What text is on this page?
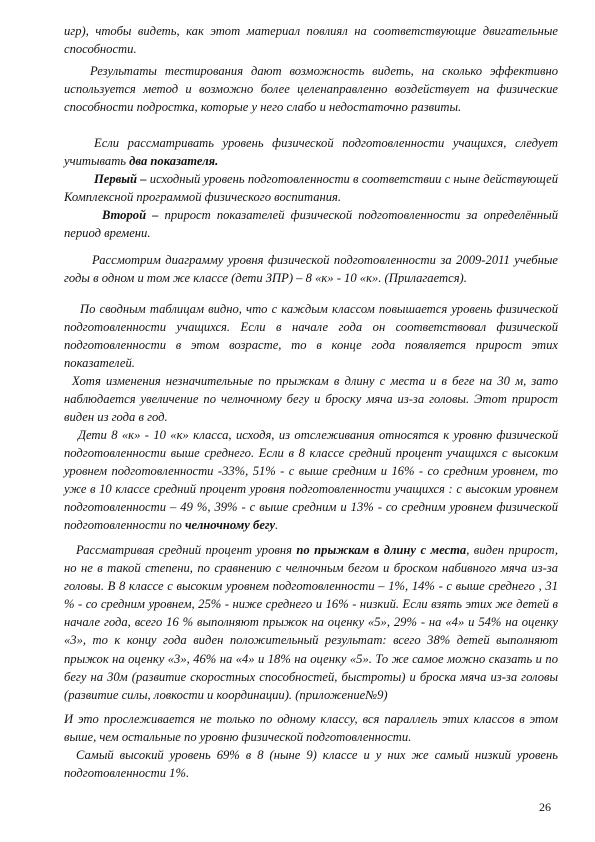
игр), чтобы видеть, как этот материал повлиял на соответствующие двигательные способности.

Результаты тестирования дают возможность видеть, на сколько эффективно используется метод и возможно более целенаправленно воздействует на физические способности подростка, которые у него слабо и недостаточно развиты.

Если рассматривать уровень физической подготовленности учащихся, следует учитывать два показателя.

Первый – исходный уровень подготовленности в соответствии с ныне действующей Комплексной программой физического воспитания.

Второй – прирост показателей физической подготовленности за определённый период времени.

Рассмотрим диаграмму уровня физической подготовленности за 2009-2011 учебные годы в одном и том же классе (дети ЗПР) – 8 «к» - 10 «к». (Прилагается).

По сводным таблицам видно, что с каждым классом повышается уровень физической подготовленности учащихся. Если в начале года он соответствовал физической подготовленности в этом возрасте, то в конце года появляется прирост этих показателей.

Хотя изменения незначительные по прыжкам в длину с места и в беге на 30 м, зато наблюдается увеличение по челночному бегу и броску мяча из-за головы. Этот прирост виден из года в год.

Дети 8 «к» - 10 «к» класса, исходя, из отслеживания относятся к уровню физической подготовленности выше среднего. Если в 8 классе средний процент учащихся с высоким уровнем подготовленности -33%, 51% - с выше средним и 16% - со средним уровнем, то уже в 10 классе средний процент уровня подготовленности учащихся : с высоким уровнем подготовленности – 49 %, 39% - с выше средним и 13% - со средним уровнем физической подготовленности по челночному бегу.

Рассматривая средний процент уровня по прыжкам в длину с места, виден прирост, но не в такой степени, по сравнению с челночным бегом и броском набивного мяча из-за головы. В 8 классе с высоким уровнем подготовленности – 1%, 14% - с выше среднего , 31 % - со средним уровнем, 25% - ниже среднего и 16% - низкий. Если взять этих же детей в начале года, всего 16 % выполняют прыжок на оценку «5», 29% - на «4» и 54% на оценку «3», то к концу года виден положительный результат: всего 38% детей выполняют прыжок на оценку «3», 46% на «4» и 18% на оценку «5». То же самое можно сказать и по бегу на 30м (развитие скоростных способностей, быстроты) и броска мяча из-за головы (развитие силы, ловкости и координации). (приложение№9)

И это прослеживается не только по одному классу, вся параллель этих классов в этом выше, чем остальные по уровню физической подготовленности.

Самый высокий уровень 69% в 8 (ныне 9) классе и у них же самый низкий уровень подготовленности 1%.

26
